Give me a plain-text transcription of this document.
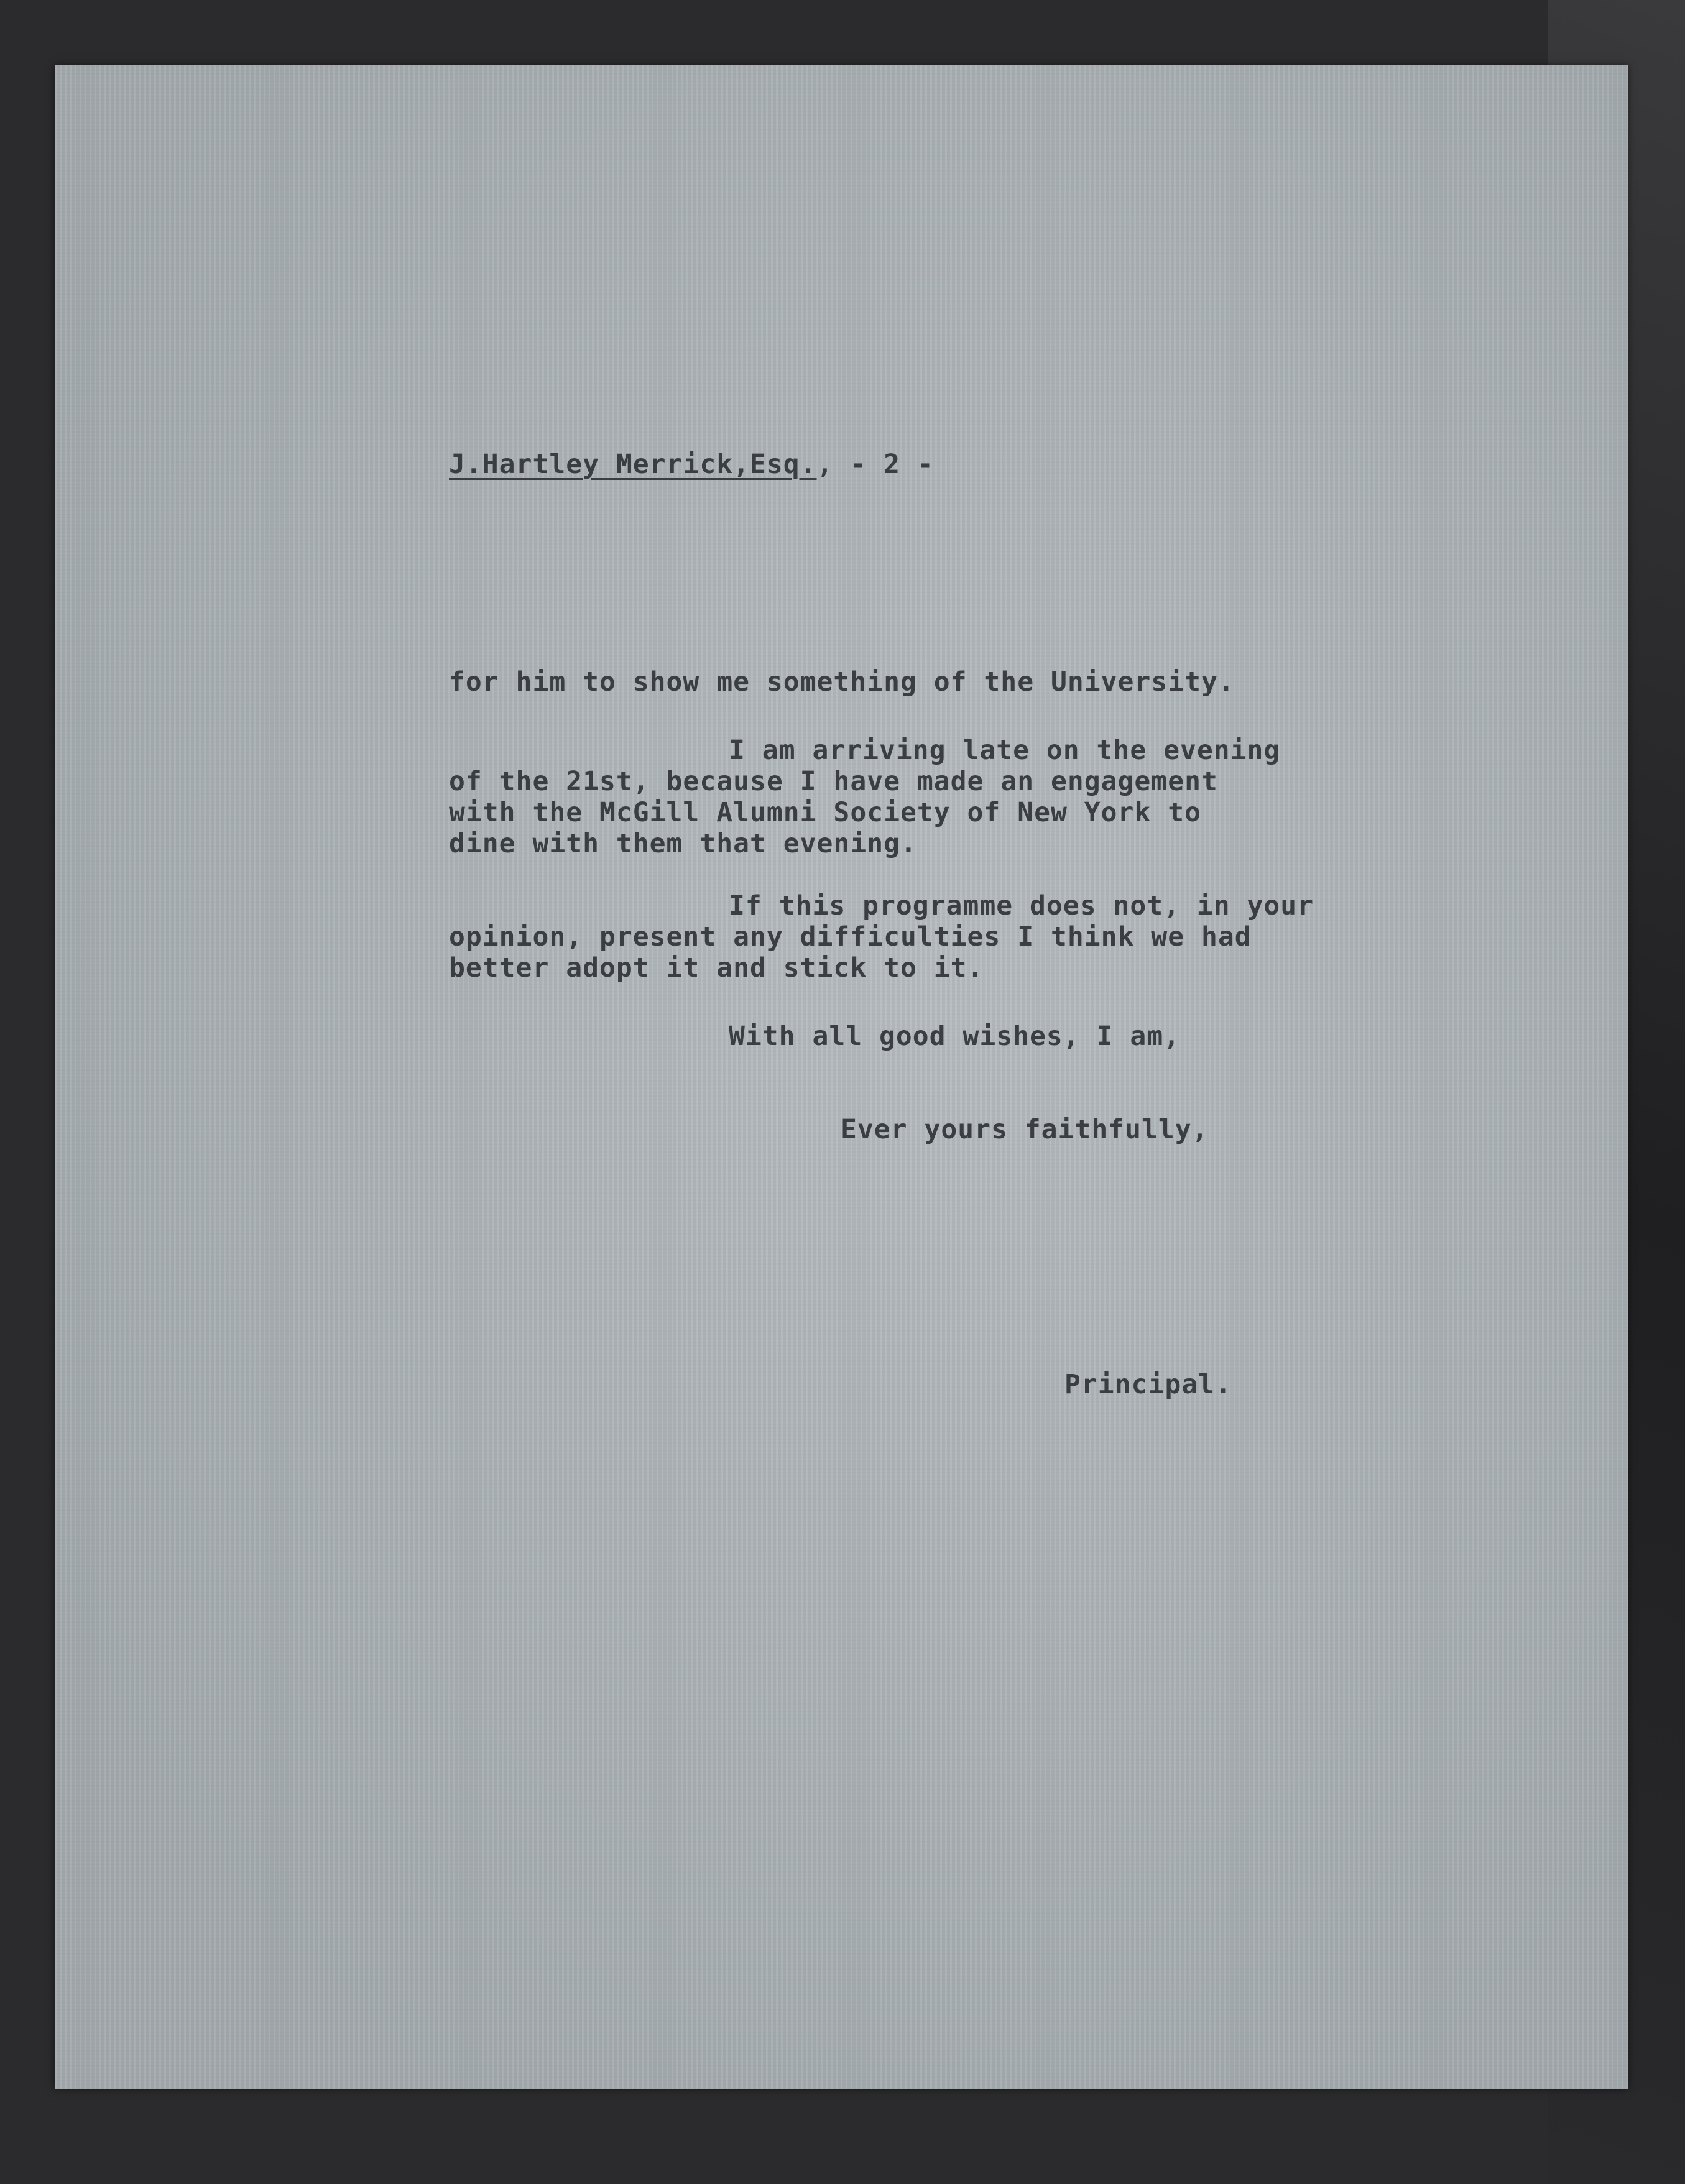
J.Hartley Merrick,Esq., - 2 -
for him to show me something of the University.
I am arriving late on the evening
of the 21st, because I have made an engagement
with the McGill Alumni Society of New York to
dine with them that evening.
If this programme does not, in your
opinion, present any difficulties I think we had
better adopt it and stick to it.
With all good wishes, I am,
Ever yours faithfully,
Principal.
